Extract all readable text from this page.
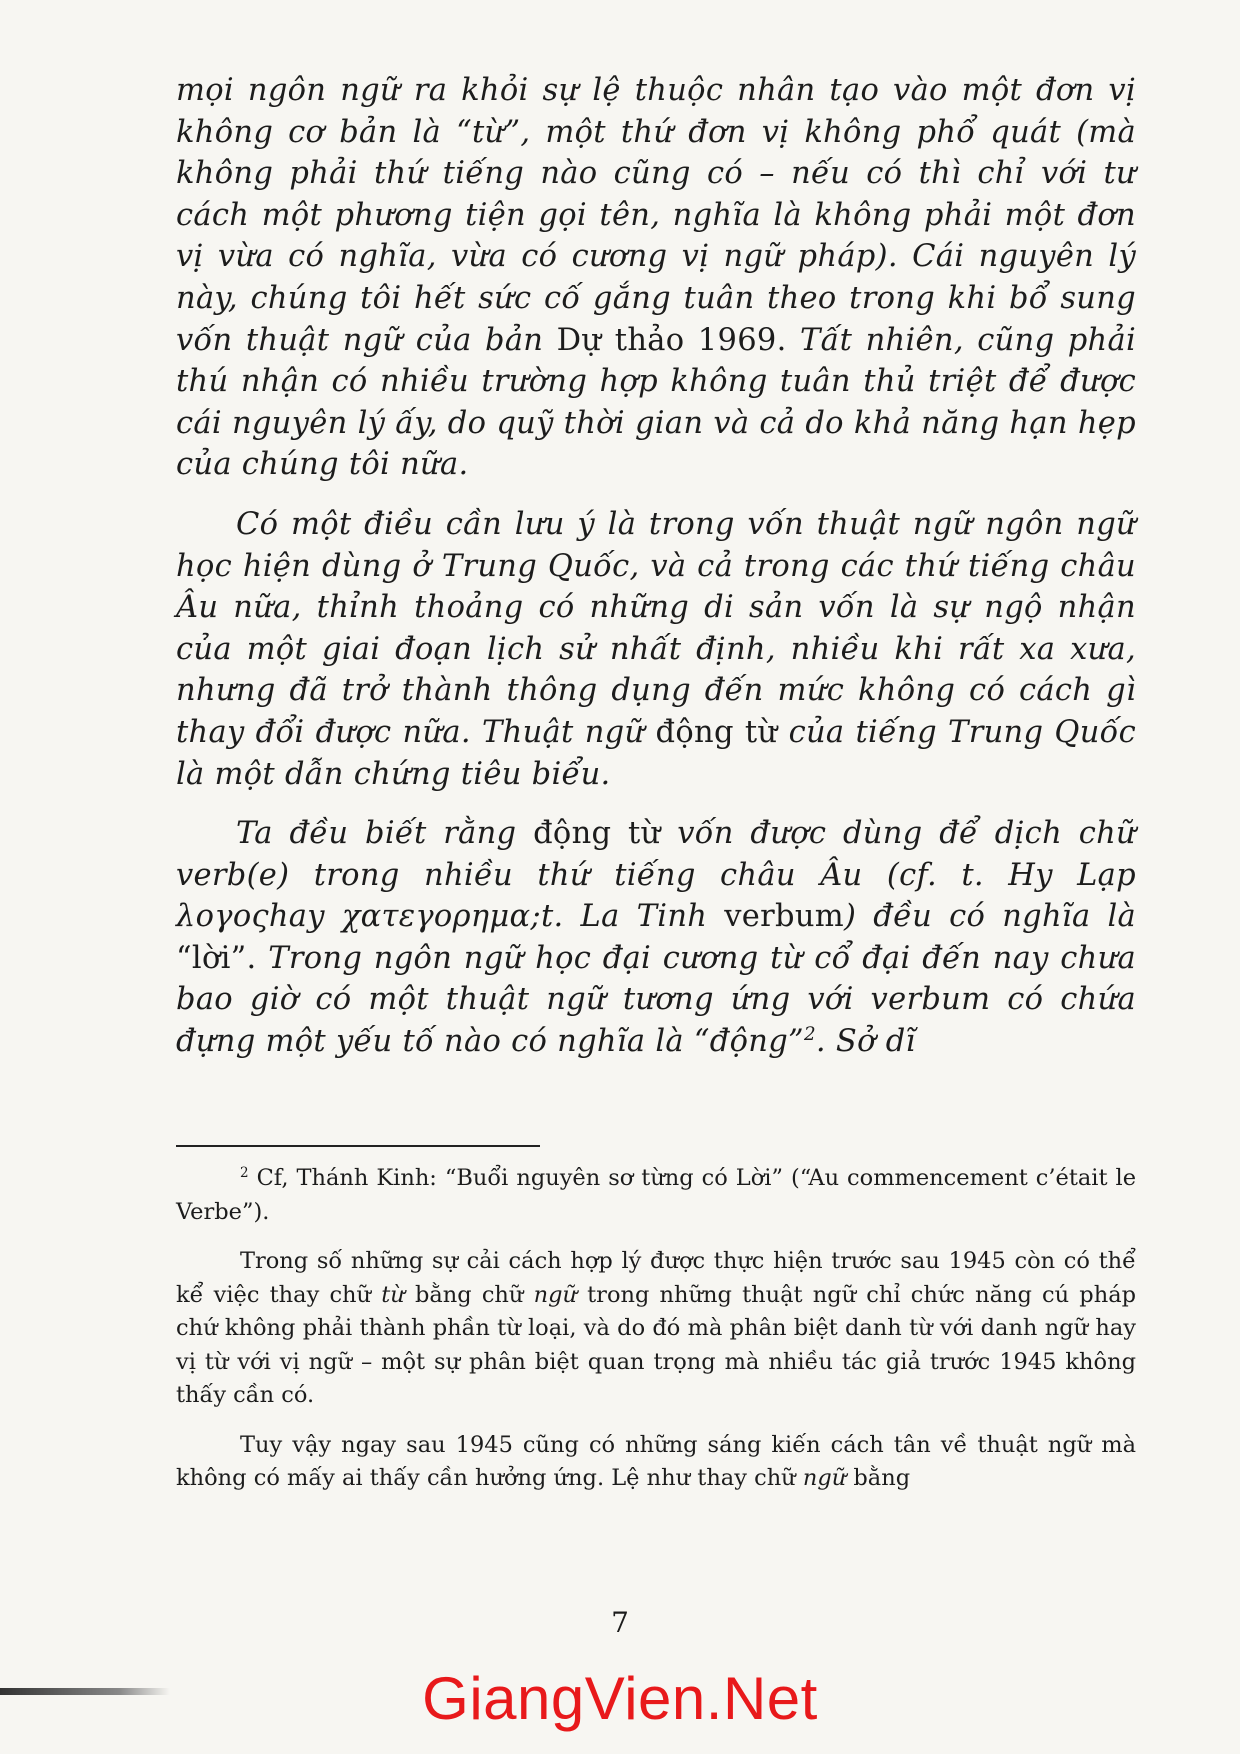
mọi ngôn ngữ ra khỏi sự lệ thuộc nhân tạo vào một đơn vị không cơ bản là “từ”, một thứ đơn vị không phổ quát (mà không phải thứ tiếng nào cũng có – nếu có thì chỉ với tư cách một phương tiện gọi tên, nghĩa là không phải một đơn vị vừa có nghĩa, vừa có cương vị ngữ pháp). Cái nguyên lý này, chúng tôi hết sức cố gắng tuân theo trong khi bổ sung vốn thuật ngữ của bản Dự thảo 1969. Tất nhiên, cũng phải thú nhận có nhiều trường hợp không tuân thủ triệt để được cái nguyên lý ấy, do quỹ thời gian và cả do khả năng hạn hẹp của chúng tôi nữa.

Có một điều cần lưu ý là trong vốn thuật ngữ ngôn ngữ học hiện dùng ở Trung Quốc, và cả trong các thứ tiếng châu Âu nữa, thỉnh thoảng có những di sản vốn là sự ngộ nhận của một giai đoạn lịch sử nhất định, nhiều khi rất xa xưa, nhưng đã trở thành thông dụng đến mức không có cách gì thay đổi được nữa. Thuật ngữ động từ của tiếng Trung Quốc là một dẫn chứng tiêu biểu.

Ta đều biết rằng động từ vốn được dùng để dịch chữ verb(e) trong nhiều thứ tiếng châu Âu (cf. t. Hy Lạp λογοςhay χατεγορημα;t. La Tinh verbum) đều có nghĩa là “lời”. Trong ngôn ngữ học đại cương từ cổ đại đến nay chưa bao giờ có một thuật ngữ tương ứng với verbum có chứa đựng một yếu tố nào có nghĩa là “động”$^2$. Sở dĩ

$^2$ Cf, Thánh Kinh: “Buổi nguyên sơ từng có Lời” (“Au commencement c’était le Verbe”).

Trong số những sự cải cách hợp lý được thực hiện trước sau 1945 còn có thể kể việc thay chữ từ bằng chữ ngữ trong những thuật ngữ chỉ chức năng cú pháp chứ không phải thành phần từ loại, và do đó mà phân biệt danh từ với danh ngữ hay vị từ với vị ngữ – một sự phân biệt quan trọng mà nhiều tác giả trước 1945 không thấy cần có.

Tuy vậy ngay sau 1945 cũng có những sáng kiến cách tân về thuật ngữ mà không có mấy ai thấy cần hưởng ứng. Lệ như thay chữ ngữ bằng

7
GiangVien.Net
